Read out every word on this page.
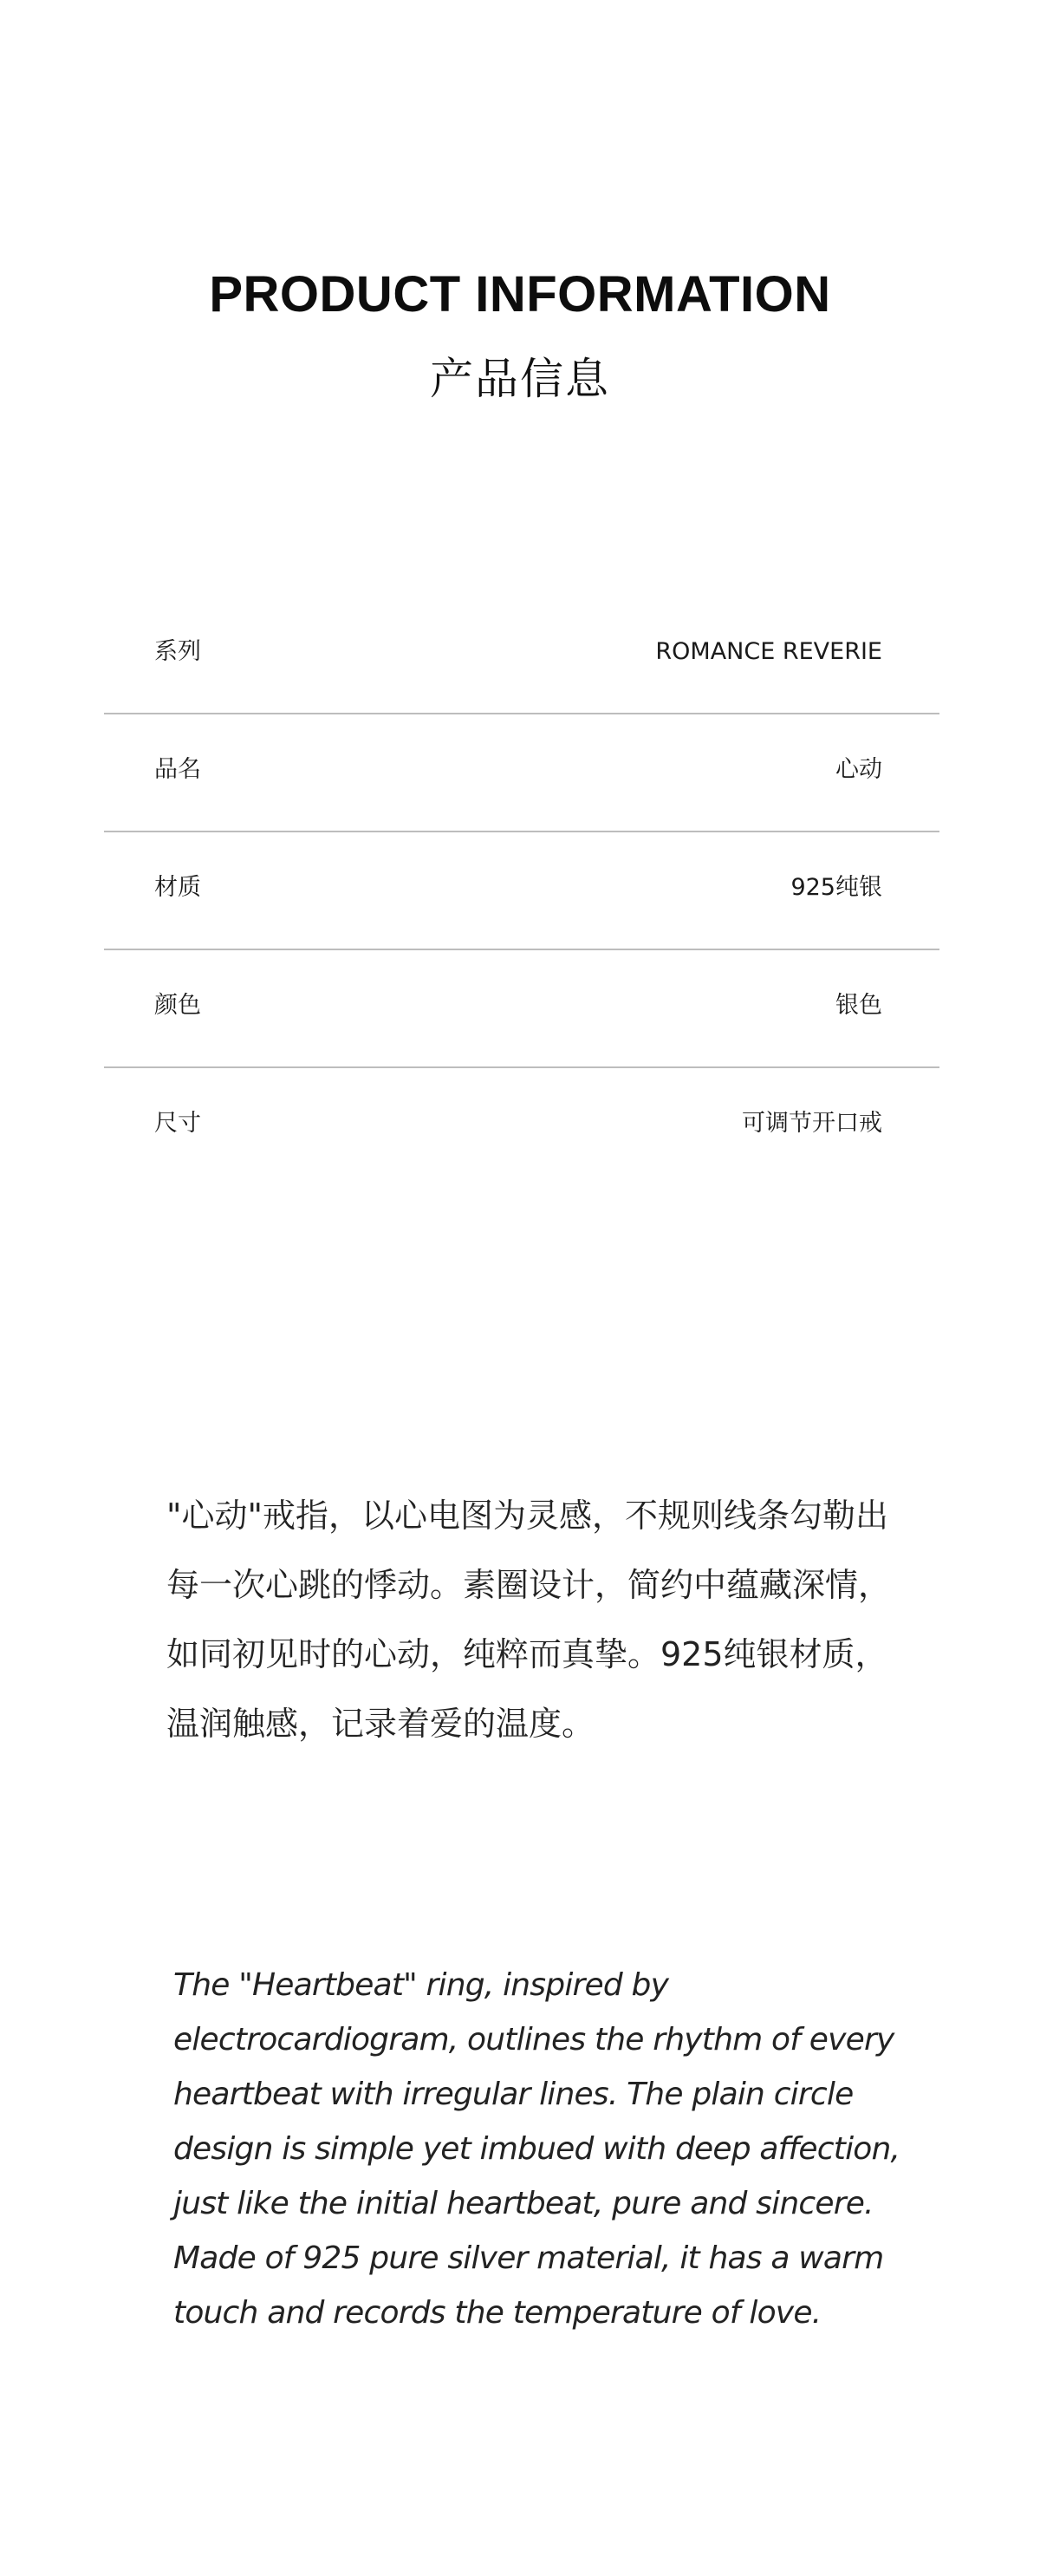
PRODUCT INFORMATION
产品信息
系列	ROMANCE REVERIE
品名	心动
材质	925纯银
颜色	银色
尺寸	可调节开口戒

"心动"戒指，以心电图为灵感，不规则线条勾勒出每一次心跳的悸动。素圈设计，简约中蕴藏深情，如同初见时的心动，纯粹而真挚。925纯银材质，温润触感，记录着爱的温度。

The "Heartbeat" ring, inspired by electrocardiogram, outlines the rhythm of every heartbeat with irregular lines. The plain circle design is simple yet imbued with deep affection, just like the initial heartbeat, pure and sincere. Made of 925 pure silver material, it has a warm touch and records the temperature of love.
